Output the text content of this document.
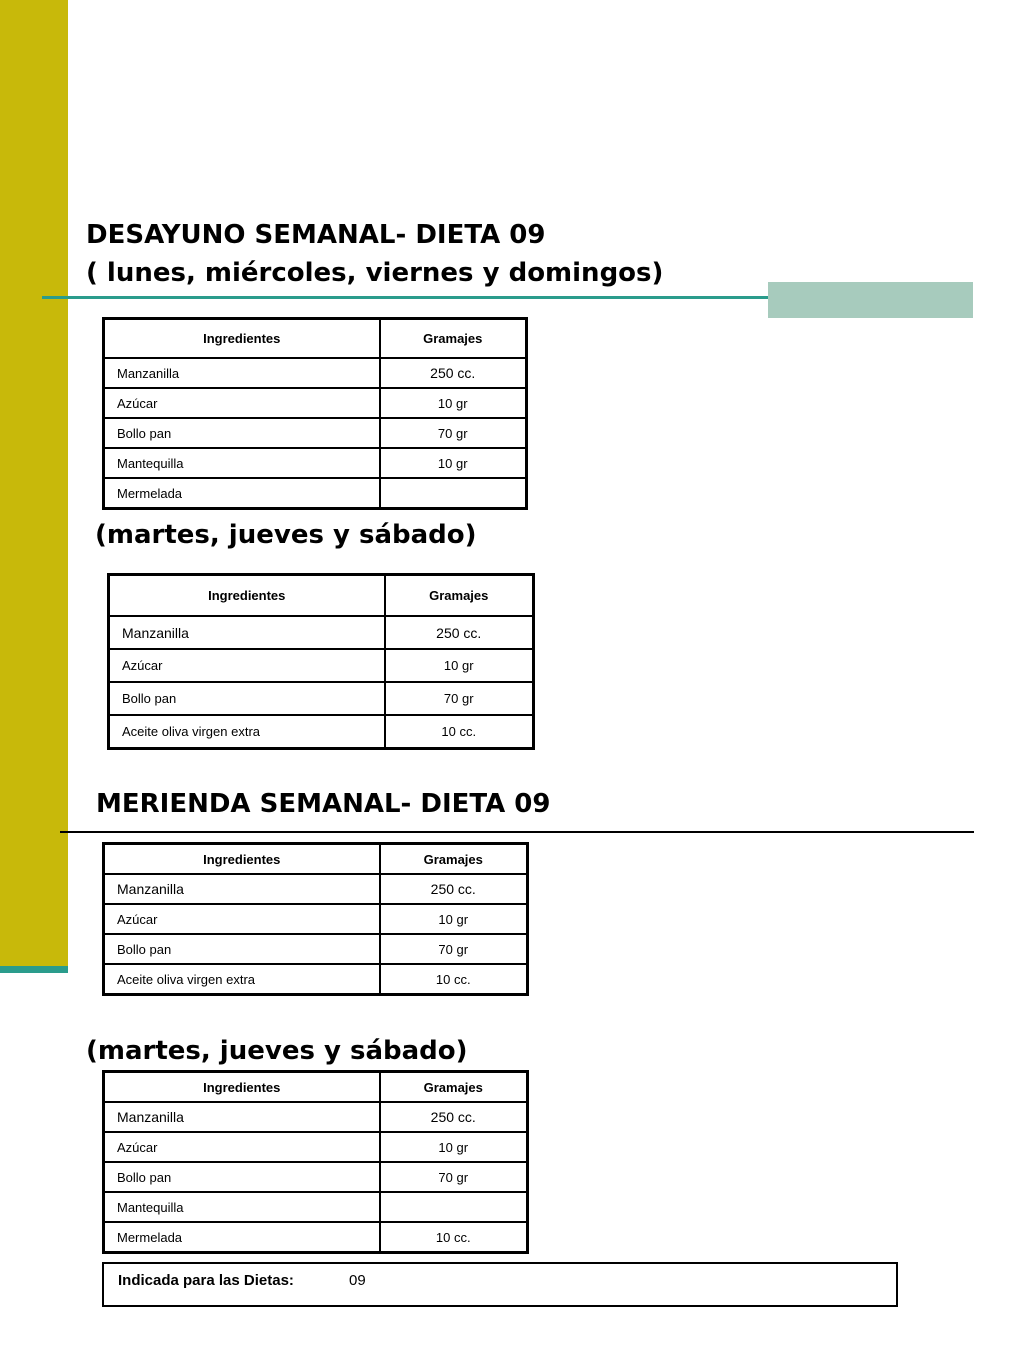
DESAYUNO SEMANAL- DIETA 09
( lunes, miércoles, viernes y domingos)
Ingredientes	Gramajes
Manzanilla	250 cc.
Azúcar	10 gr
Bollo pan	70 gr
Mantequilla	10 gr
Mermelada	
(martes, jueves y sábado)
Ingredientes	Gramajes
Manzanilla	250 cc.
Azúcar	10 gr
Bollo pan	70 gr
Aceite oliva virgen extra	10 cc.
MERIENDA SEMANAL- DIETA 09
Ingredientes	Gramajes
Manzanilla	250 cc.
Azúcar	10 gr
Bollo pan	70 gr
Aceite oliva virgen extra	10 cc.
(martes, jueves y sábado)
Ingredientes	Gramajes
Manzanilla	250 cc.
Azúcar	10 gr
Bollo pan	70 gr
Mantequilla	
Mermelada	10 cc.
Indicada para las Dietas:	09
